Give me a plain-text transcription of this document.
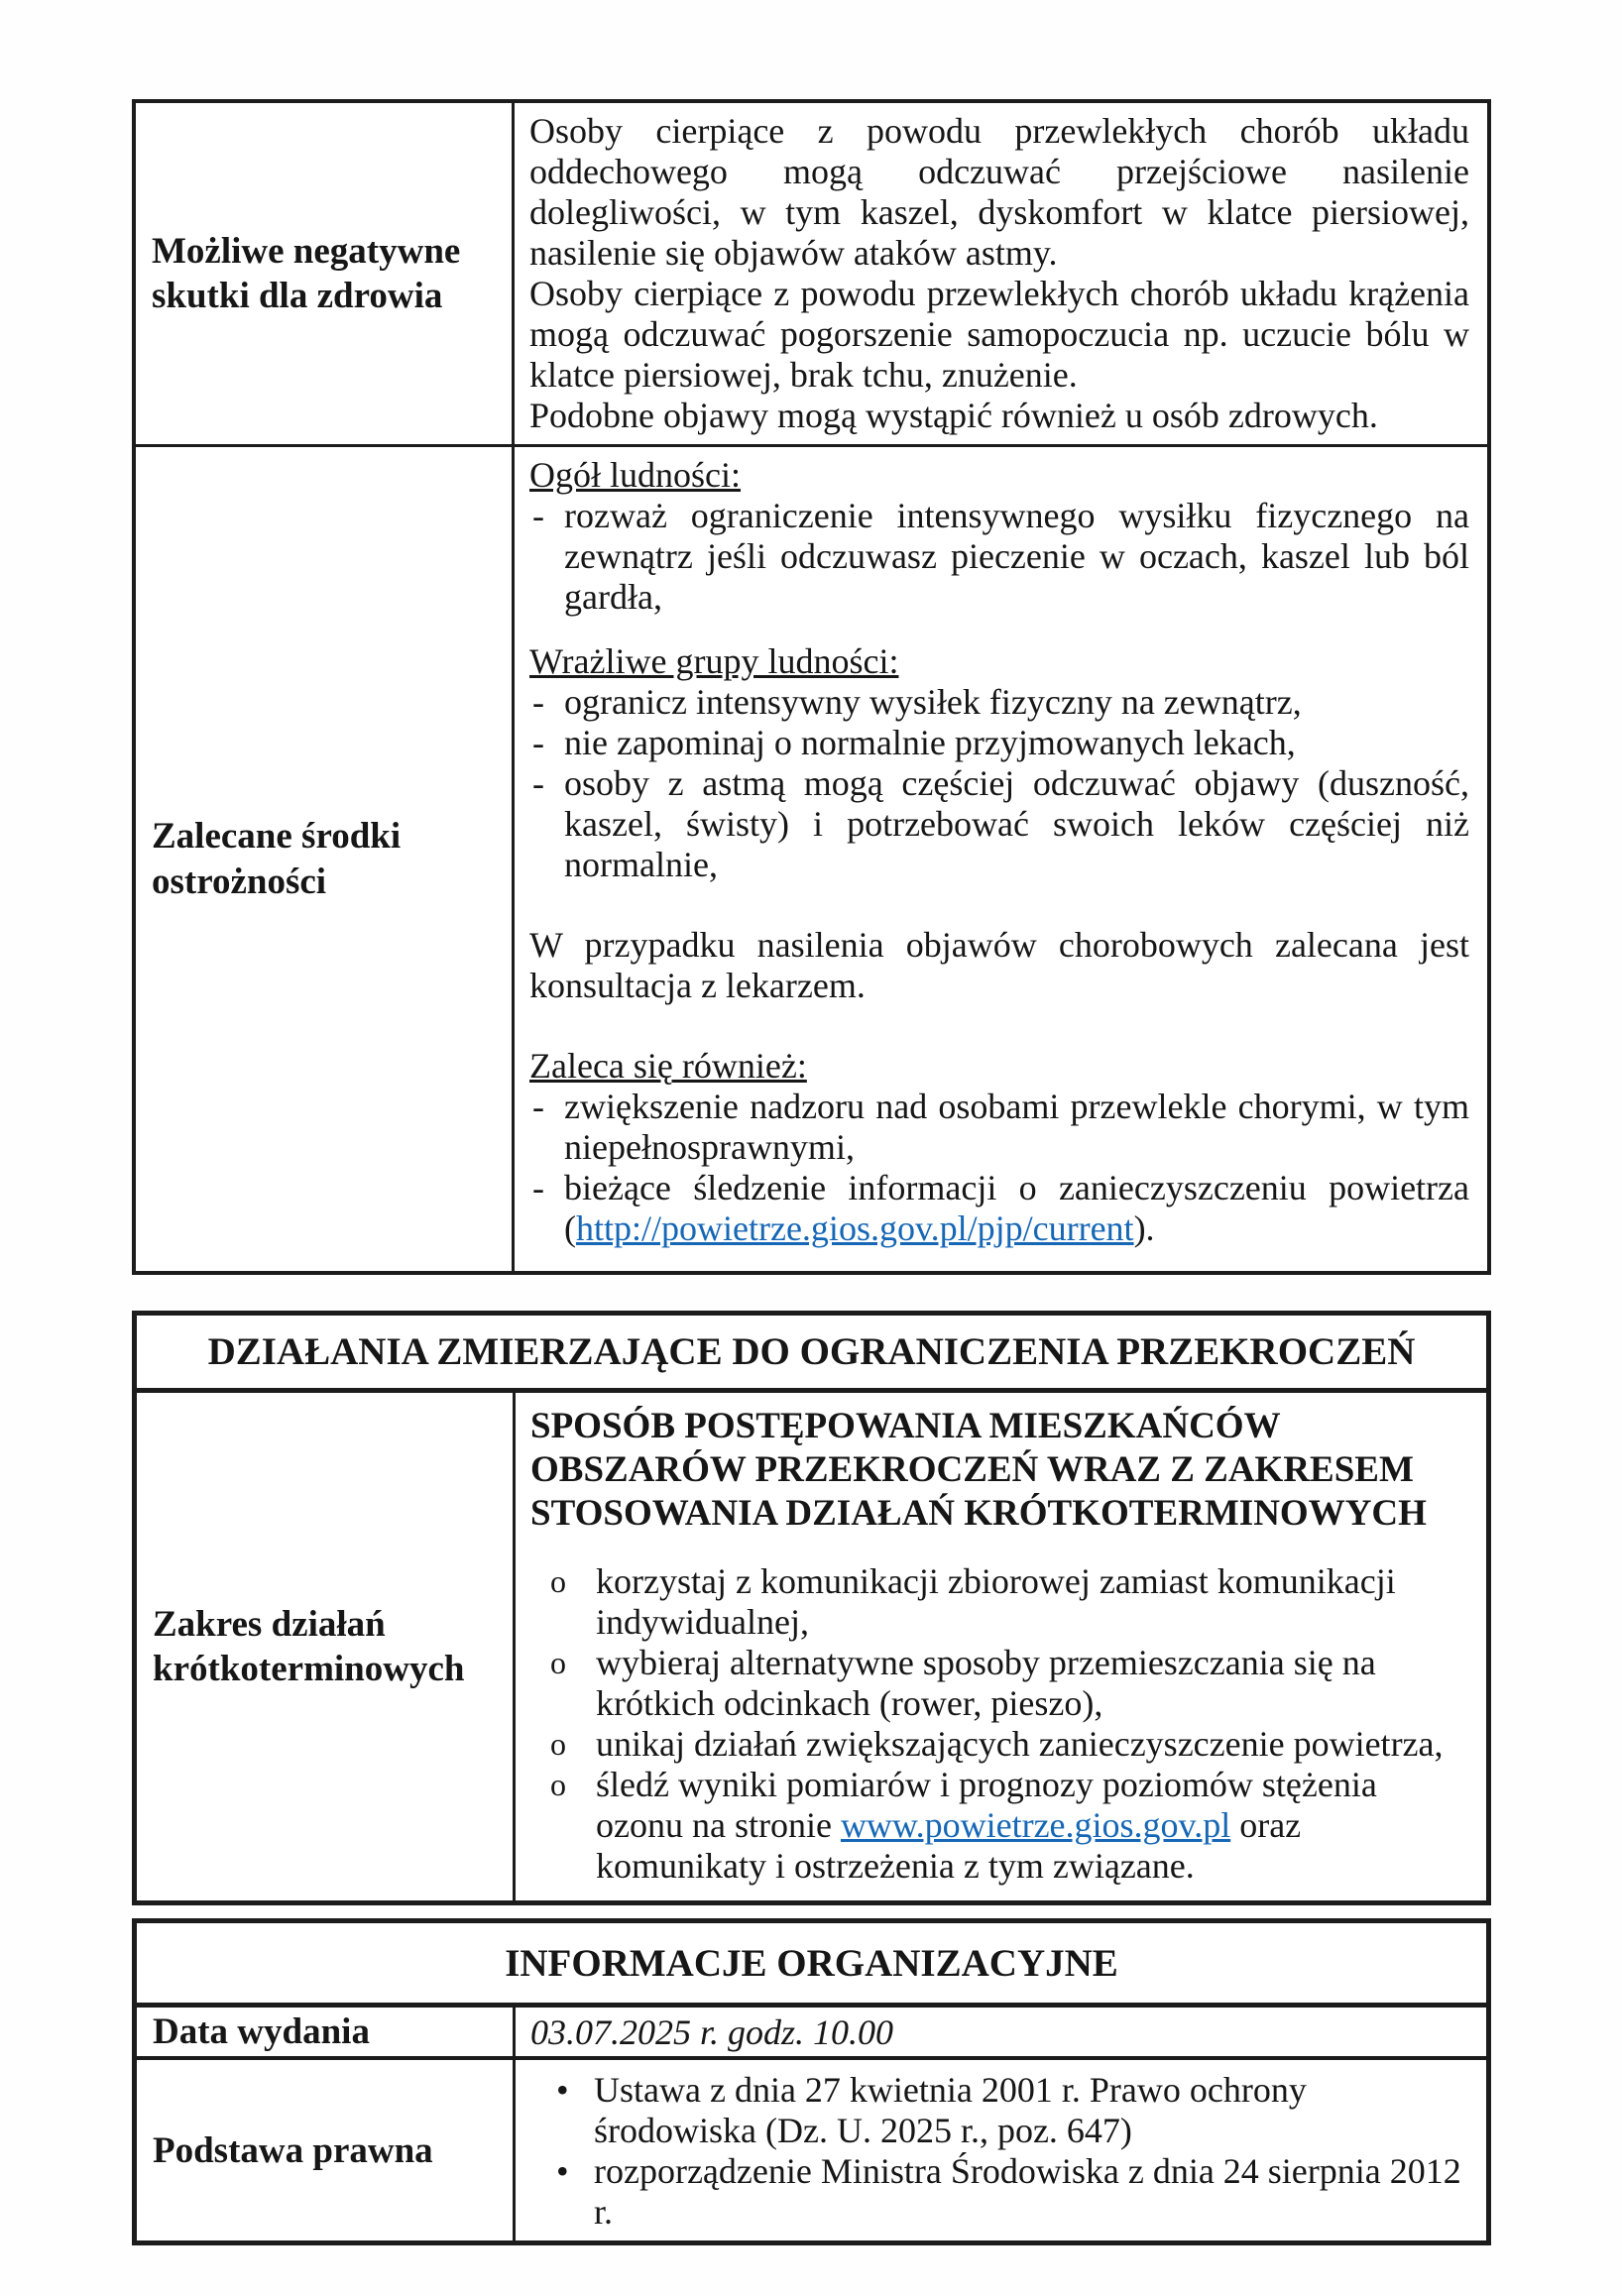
Możliwe negatywne skutki dla zdrowia

Osoby cierpiące z powodu przewlekłych chorób układu oddechowego mogą odczuwać przejściowe nasilenie dolegliwości, w tym kaszel, dyskomfort w klatce piersiowej, nasilenie się objawów ataków astmy.

Osoby cierpiące z powodu przewlekłych chorób układu krążenia mogą odczuwać pogorszenie samopoczucia np. uczucie bólu w klatce piersiowej, brak tchu, znużenie.

Podobne objawy mogą wystąpić również u osób zdrowych.

Zalecane środki ostrożności
Ogół ludności:
- rozważ ograniczenie intensywnego wysiłku fizycznego na zewnątrz jeśli odczuwasz pieczenie w oczach, kaszel lub ból gardła,
Wrażliwe grupy ludności:
- ogranicz intensywny wysiłek fizyczny na zewnątrz,
- nie zapominaj o normalnie przyjmowanych lekach,
- osoby z astmą mogą częściej odczuwać objawy (duszność, kaszel, świsty) i potrzebować swoich leków częściej niż normalnie,

W przypadku nasilenia objawów chorobowych zalecana jest konsultacja z lekarzem.

Zaleca się również:
- zwiększenie nadzoru nad osobami przewlekle chorymi, w tym niepełnosprawnymi,
- bieżące śledzenie informacji o zanieczyszczeniu powietrza (http://powietrze.gios.gov.pl/pjp/current).
DZIAŁANIA ZMIERZAJĄCE DO OGRANICZENIA PRZEKROCZEŃ
Zakres działań krótkoterminowych
SPOSÓB POSTĘPOWANIA MIESZKAŃCÓW
OBSZARÓW PRZEKROCZEŃ WRAZ Z ZAKRESEM
STOSOWANIA DZIAŁAŃ KRÓTKOTERMINOWYCH
o korzystaj z komunikacji zbiorowej zamiast komunikacji indywidualnej,
o wybieraj alternatywne sposoby przemieszczania się na krótkich odcinkach (rower, pieszo),
o unikaj działań zwiększających zanieczyszczenie powietrza,
o śledź wyniki pomiarów i prognozy poziomów stężenia ozonu na stronie www.powietrze.gios.gov.pl oraz komunikaty i ostrzeżenia z tym związane.
INFORMACJE ORGANIZACYJNE
Data wydania	03.07.2025 r. godz. 10.00
Podstawa prawna
• Ustawa z dnia 27 kwietnia 2001 r. Prawo ochrony środowiska (Dz. U. 2025 r., poz. 647)
• rozporządzenie Ministra Środowiska z dnia 24 sierpnia 2012 r.
